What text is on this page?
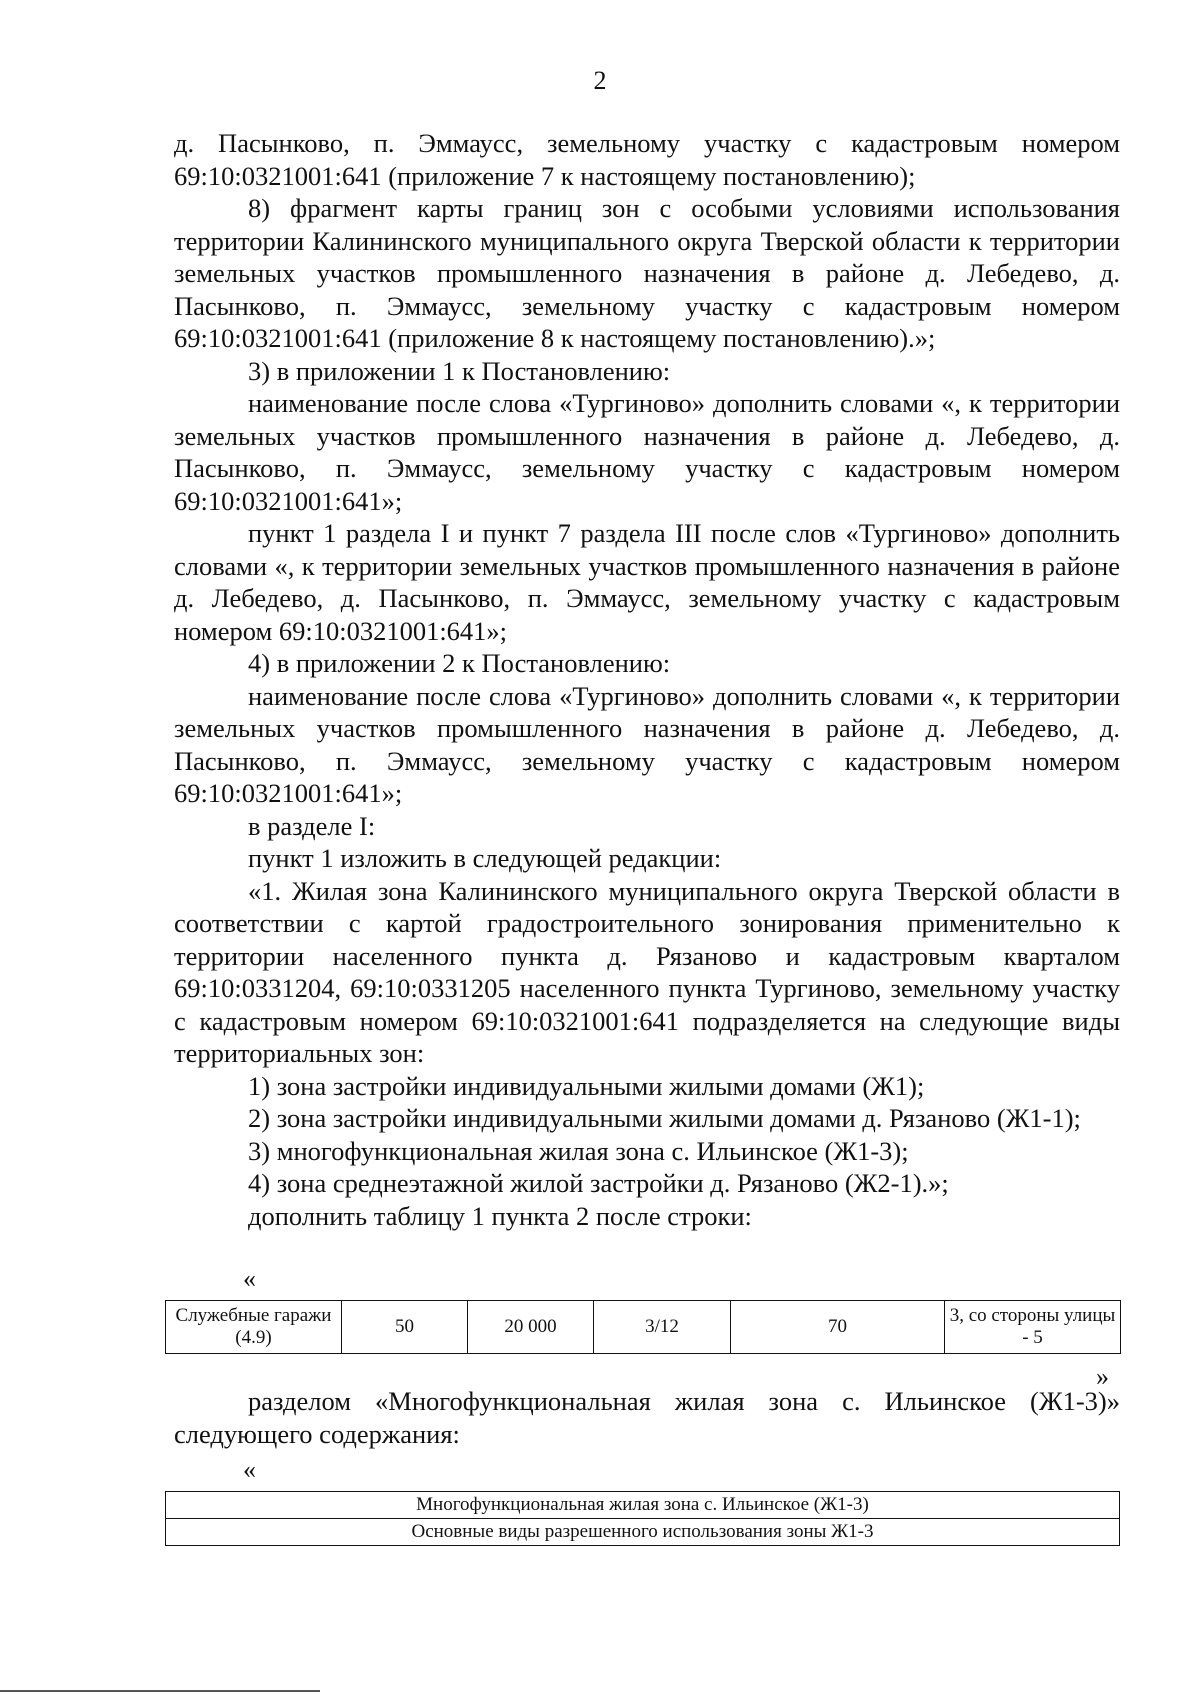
2

д. Пасынково, п. Эммаусс, земельному участку с кадастровым номером 69:10:0321001:641 (приложение 7 к настоящему постановлению);

8) фрагмент карты границ зон с особыми условиями использования территории Калининского муниципального округа Тверской области к территории земельных участков промышленного назначения в районе д. Лебедево, д. Пасынково, п. Эммаусс, земельному участку с кадастровым номером 69:10:0321001:641 (приложение 8 к настоящему постановлению).»;

3) в приложении 1 к Постановлению:

наименование после слова «Тургиново» дополнить словами «, к территории земельных участков промышленного назначения в районе д. Лебедево, д. Пасынково, п. Эммаусс, земельному участку с кадастровым номером 69:10:0321001:641»;

пункт 1 раздела I и пункт 7 раздела III после слов «Тургиново» дополнить словами «, к территории земельных участков промышленного назначения в районе д. Лебедево, д. Пасынково, п. Эммаусс, земельному участку с кадастровым номером 69:10:0321001:641»;

4) в приложении 2 к Постановлению:

наименование после слова «Тургиново» дополнить словами «, к территории земельных участков промышленного назначения в районе д. Лебедево, д. Пасынково, п. Эммаусс, земельному участку с кадастровым номером 69:10:0321001:641»;

в разделе I:

пункт 1 изложить в следующей редакции:

«1. Жилая зона Калининского муниципального округа Тверской области в соответствии с картой градостроительного зонирования применительно к территории населенного пункта д. Рязаново и кадастровым кварталом 69:10:0331204, 69:10:0331205 населенного пункта Тургиново, земельному участку с кадастровым номером 69:10:0321001:641 подразделяется на следующие виды территориальных зон:

1) зона застройки индивидуальными жилыми домами (Ж1);

2) зона застройки индивидуальными жилыми домами д. Рязаново (Ж1-1);

3) многофункциональная жилая зона с. Ильинское (Ж1-3);

4) зона среднеэтажной жилой застройки д. Рязаново (Ж2-1).»;

дополнить таблицу 1 пункта 2 после строки:

«
Служебные гаражи (4.9)	50	20 000	3/12	70	3, со стороны улицы - 5
»

разделом «Многофункциональная жилая зона с. Ильинское (Ж1-3)» следующего содержания:

«
Многофункциональная жилая зона с. Ильинское (Ж1-3)
Основные виды разрешенного использования зоны Ж1-3
